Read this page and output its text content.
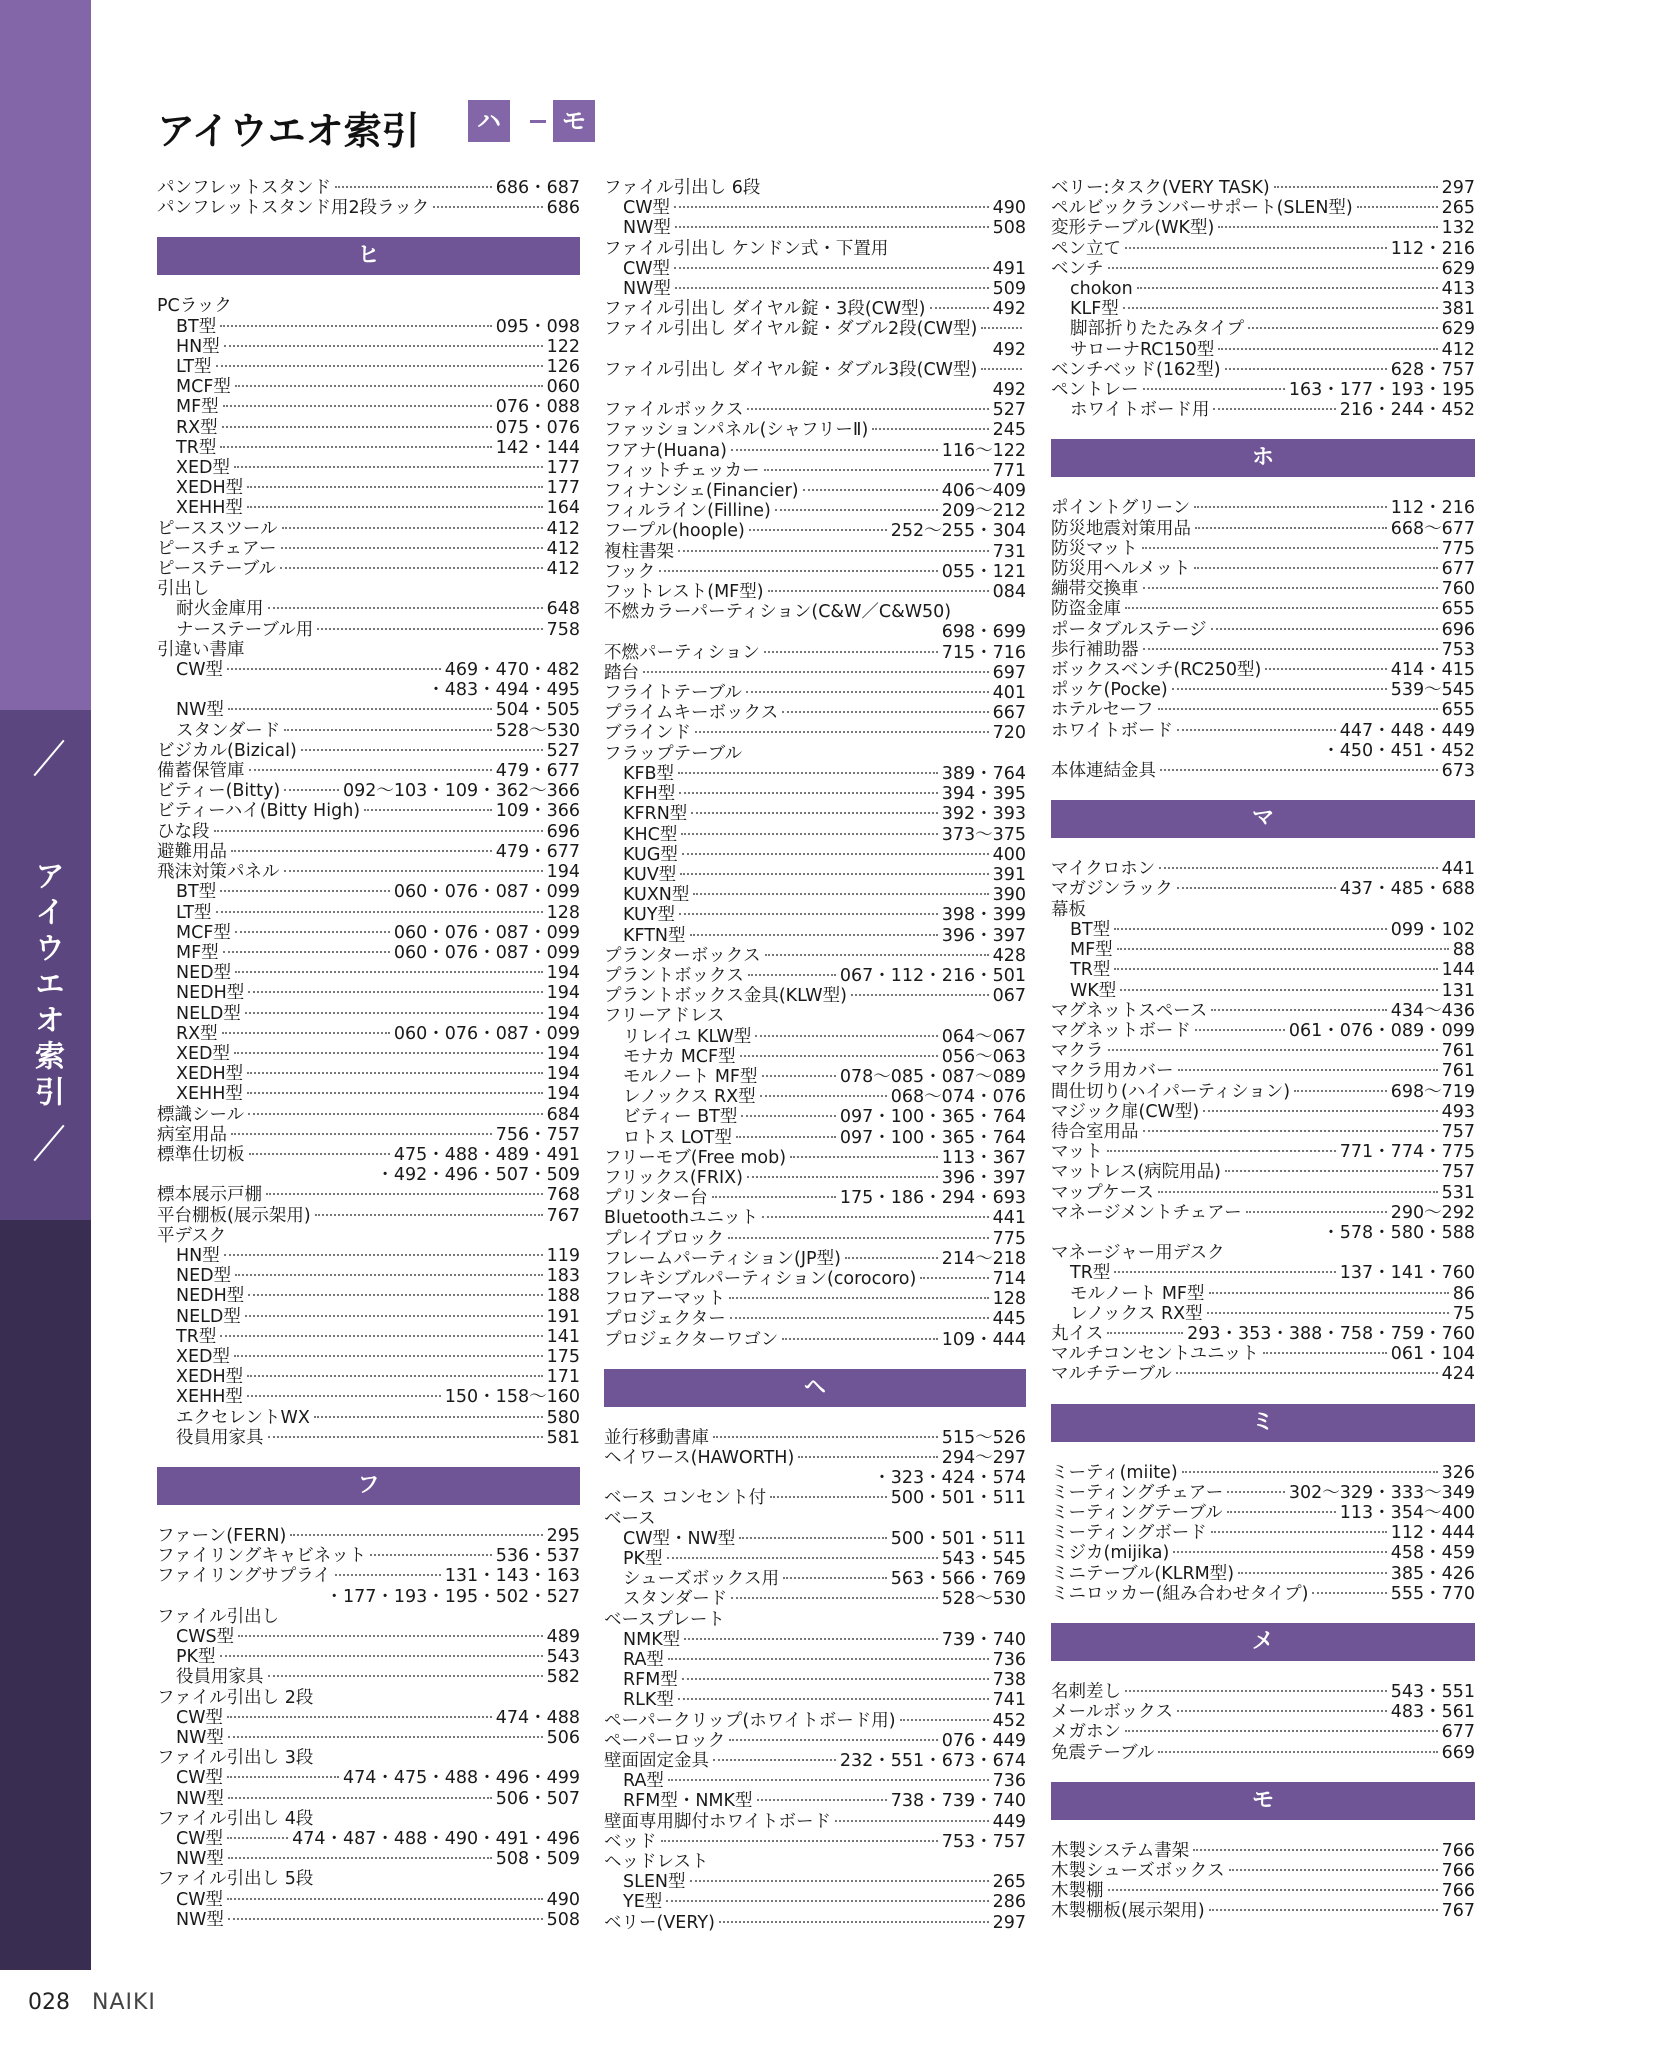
アイウエオ索引
アイウエオ索引	ハ	モ
パンフレットスタンド	686・687
パンフレットスタンド用2段ラック	686
ヒ
PCラック
BT型	095・098
HN型	122
LT型	126
MCF型	060
MF型	076・088
RX型	075・076
TR型	142・144
XED型	177
XEDH型	177
XEHH型	164
ピーススツール	412
ピースチェアー	412
ピーステーブル	412
引出し
耐火金庫用	648
ナーステーブル用	758
引違い書庫
CW型	469・470・482
・483・494・495
NW型	504・505
スタンダード	528〜530
ビジカル(Bizical)	527
備蓄保管庫	479・677
ビティー(Bitty)	092〜103・109・362〜366
ビティーハイ(Bitty High)	109・366
ひな段	696
避難用品	479・677
飛沫対策パネル	194
BT型	060・076・087・099
LT型	128
MCF型	060・076・087・099
MF型	060・076・087・099
NED型	194
NEDH型	194
NELD型	194
RX型	060・076・087・099
XED型	194
XEDH型	194
XEHH型	194
標識シール	684
病室用品	756・757
標準仕切板	475・488・489・491
・492・496・507・509
標本展示戸棚	768
平台棚板(展示架用)	767
平デスク
HN型	119
NED型	183
NEDH型	188
NELD型	191
TR型	141
XED型	175
XEDH型	171
XEHH型	150・158〜160
エクセレントWX	580
役員用家具	581
フ
ファーン(FERN)	295
ファイリングキャビネット	536・537
ファイリングサプライ	131・143・163
・177・193・195・502・527
ファイル引出し
CWS型	489
PK型	543
役員用家具	582
ファイル引出し 2段
CW型	474・488
NW型	506
ファイル引出し 3段
CW型	474・475・488・496・499
NW型	506・507
ファイル引出し 4段
CW型	474・487・488・490・491・496
NW型	508・509
ファイル引出し 5段
CW型	490
NW型	508
ファイル引出し 6段
CW型	490
NW型	508
ファイル引出し ケンドン式・下置用
CW型	491
NW型	509
ファイル引出し ダイヤル錠・3段(CW型)	492
ファイル引出し ダイヤル錠・ダブル2段(CW型)
492
ファイル引出し ダイヤル錠・ダブル3段(CW型)
492
ファイルボックス	527
ファッションパネル(シャフリーⅡ)	245
フアナ(Huana)	116〜122
フィットチェッカー	771
フィナンシェ(Financier)	406〜409
フィルライン(Filline)	209〜212
フープル(hoople)	252〜255・304
複柱書架	731
フック	055・121
フットレスト(MF型)	084
不燃カラーパーティション(C&W／C&W50)
698・699
不燃パーティション	715・716
踏台	697
フライトテーブル	401
プライムキーボックス	667
ブラインド	720
フラップテーブル
KFB型	389・764
KFH型	394・395
KFRN型	392・393
KHC型	373〜375
KUG型	400
KUV型	391
KUXN型	390
KUY型	398・399
KFTN型	396・397
プランターボックス	428
プラントボックス	067・112・216・501
プラントボックス金具(KLW型)	067
フリーアドレス
リレイユ KLW型	064〜067
モナカ MCF型	056〜063
モルノート MF型	078〜085・087〜089
レノックス RX型	068〜074・076
ビティー BT型	097・100・365・764
ロトス LOT型	097・100・365・764
フリーモブ(Free mob)	113・367
フリックス(FRIX)	396・397
プリンター台	175・186・294・693
Bluetoothユニット	441
プレイブロック	775
フレームパーティション(JP型)	214〜218
フレキシブルパーティション(corocoro)	714
フロアーマット	128
プロジェクター	445
プロジェクターワゴン	109・444
ヘ
並行移動書庫	515〜526
ヘイワース(HAWORTH)	294〜297
・323・424・574
ベース コンセント付	500・501・511
ベース
CW型・NW型	500・501・511
PK型	543・545
シューズボックス用	563・566・769
スタンダード	528〜530
ベースプレート
NMK型	739・740
RA型	736
RFM型	738
RLK型	741
ペーパークリップ(ホワイトボード用)	452
ペーパーロック	076・449
壁面固定金具	232・551・673・674
RA型	736
RFM型・NMK型	738・739・740
壁面専用脚付ホワイトボード	449
ベッド	753・757
ヘッドレスト
SLEN型	265
YE型	286
ベリー(VERY)	297
ベリー:タスク(VERY TASK)	297
ペルビックランバーサポート(SLEN型)	265
変形テーブル(WK型)	132
ペン立て	112・216
ベンチ	629
chokon	413
KLF型	381
脚部折りたたみタイプ	629
サローナRC150型	412
ベンチベッド(162型)	628・757
ペントレー	163・177・193・195
ホワイトボード用	216・244・452
ホ
ポイントグリーン	112・216
防災地震対策用品	668〜677
防災マット	775
防災用ヘルメット	677
繃帯交換車	760
防盗金庫	655
ポータブルステージ	696
歩行補助器	753
ボックスベンチ(RC250型)	414・415
ポッケ(Pocke)	539〜545
ホテルセーフ	655
ホワイトボード	447・448・449
・450・451・452
本体連結金具	673
マ
マイクロホン	441
マガジンラック	437・485・688
幕板
BT型	099・102
MF型	88
TR型	144
WK型	131
マグネットスペース	434〜436
マグネットボード	061・076・089・099
マクラ	761
マクラ用カバー	761
間仕切り(ハイパーティション)	698〜719
マジック扉(CW型)	493
待合室用品	757
マット	771・774・775
マットレス(病院用品)	757
マップケース	531
マネージメントチェアー	290〜292
・578・580・588
マネージャー用デスク
TR型	137・141・760
モルノート MF型	86
レノックス RX型	75
丸イス	293・353・388・758・759・760
マルチコンセントユニット	061・104
マルチテーブル	424
ミ
ミーティ(miite)	326
ミーティングチェアー	302〜329・333〜349
ミーティングテーブル	113・354〜400
ミーティングボード	112・444
ミジカ(mijika)	458・459
ミニテーブル(KLRM型)	385・426
ミニロッカー(組み合わせタイプ)	555・770
メ
名刺差し	543・551
メールボックス	483・561
メガホン	677
免震テーブル	669
モ
木製システム書架	766
木製シューズボックス	766
木製棚	766
木製棚板(展示架用)	767
028 NAIKI
